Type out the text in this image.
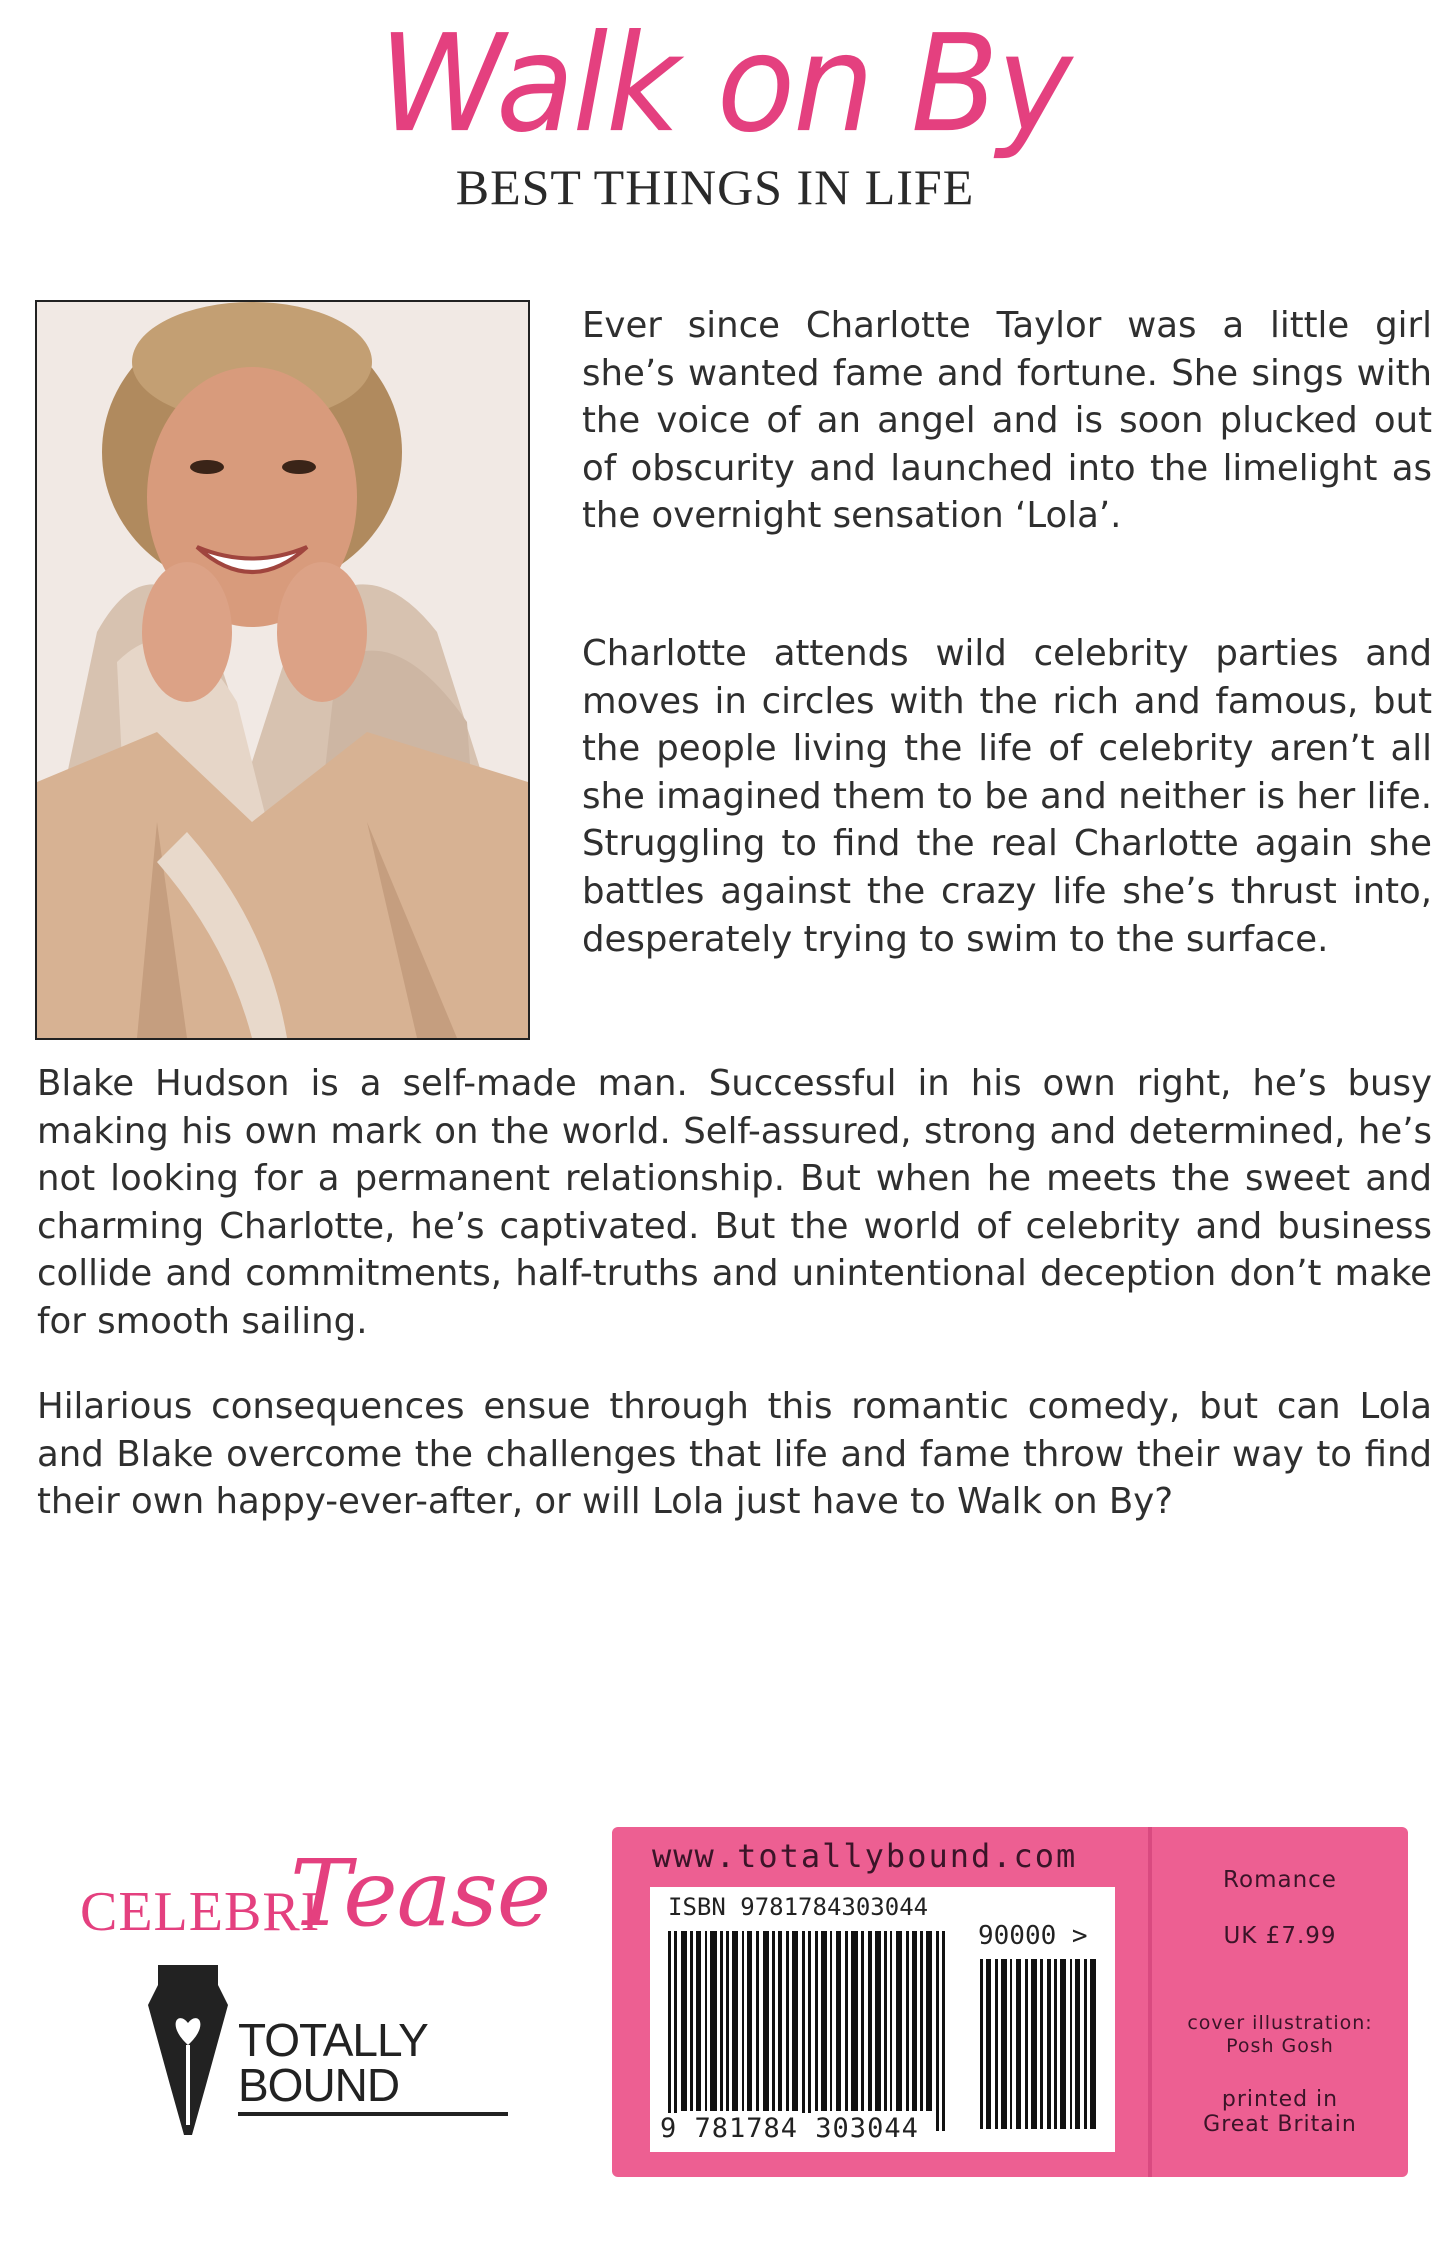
Walk on By
BEST THINGS IN LIFE

Ever since Charlotte Taylor was a little girl she’s wanted fame and fortune. She sings with the voice of an angel and is soon plucked out of obscurity and launched into the limelight as the overnight sensation ‘Lola’.

Charlotte attends wild celebrity parties and moves in circles with the rich and famous, but the people living the life of celebrity aren’t all she imagined them to be and neither is her life. Struggling to find the real Charlotte again she battles against the crazy life she’s thrust into, desperately trying to swim to the surface.

Blake Hudson is a self-made man. Successful in his own right, he’s busy making his own mark on the world. Self-assured, strong and determined, he’s not looking for a permanent relationship. But when he meets the sweet and charming Charlotte, he’s captivated. But the world of celebrity and business collide and commitments, half-truths and unintentional deception don’t make for smooth sailing.

Hilarious consequences ensue through this romantic comedy, but can Lola and Blake overcome the challenges that life and fame throw their way to find their own happy-ever-after, or will Lola just have to Walk on By?

CELEBRI
Tease
TOTALLY
BOUND
www.totallybound.com
ISBN 9781784303044
90000 >
9 781784 303044
Romance
UK £7.99
cover illustration:
Posh Gosh
printed in
Great Britain
